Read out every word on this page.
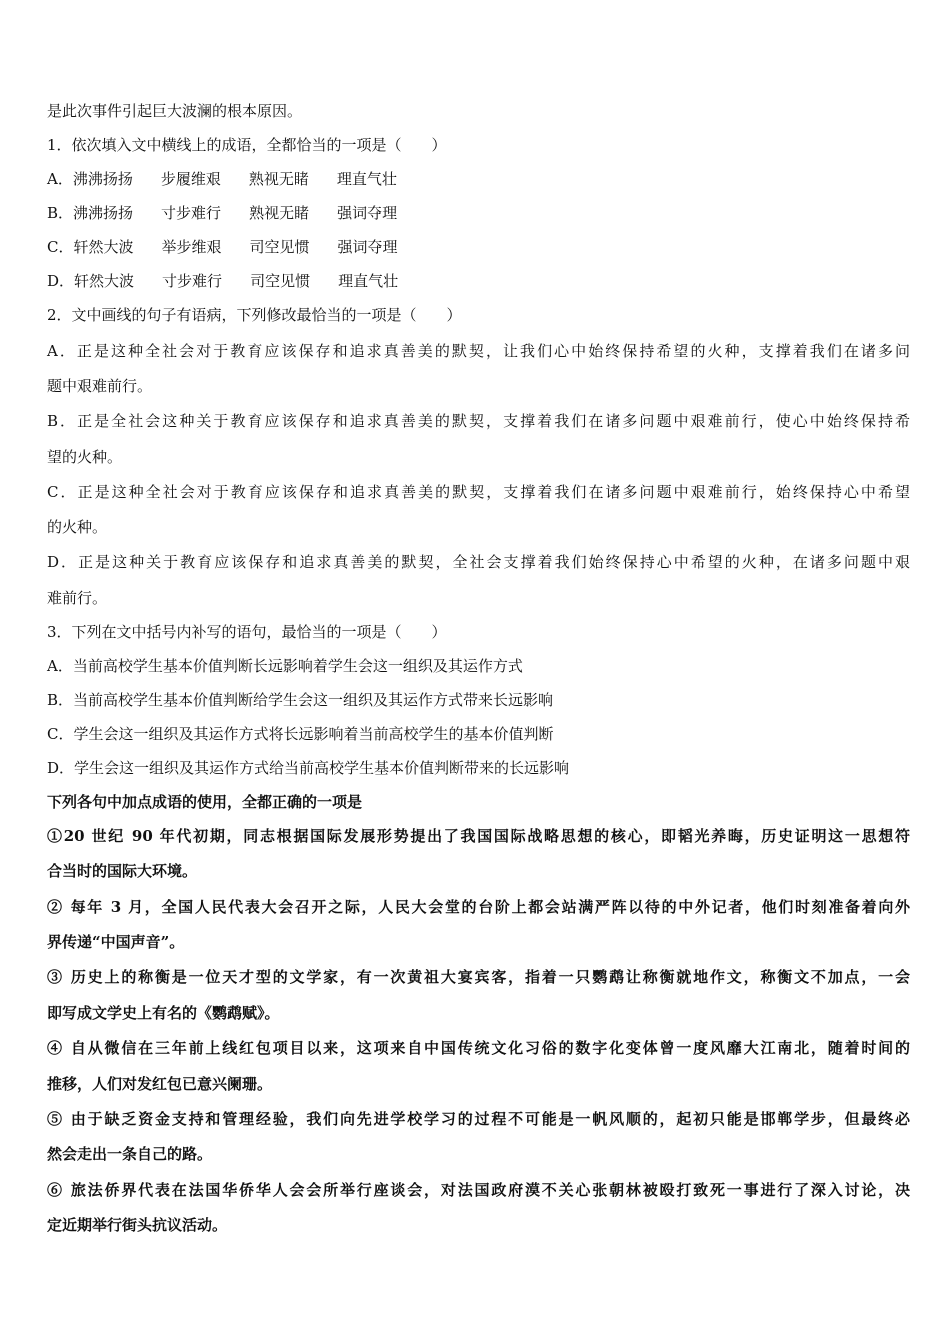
是此次事件引起巨大波澜的根本原因。
1．依次填入文中横线上的成语，全都恰当的一项是（　　）
A．沸沸扬扬 步履维艰 熟视无睹 理直气壮
B．沸沸扬扬 寸步难行 熟视无睹 强词夺理
C．轩然大波 举步维艰 司空见惯 强词夺理
D．轩然大波 寸步难行 司空见惯 理直气壮
2．文中画线的句子有语病，下列修改最恰当的一项是（　　）
A．正是这种全社会对于教育应该保存和追求真善美的默契，让我们心中始终保持希望的火种，支撑着我们在诸多问
题中艰难前行。
B．正是全社会这种关于教育应该保存和追求真善美的默契，支撑着我们在诸多问题中艰难前行，使心中始终保持希
望的火种。
C．正是这种全社会对于教育应该保存和追求真善美的默契，支撑着我们在诸多问题中艰难前行，始终保持心中希望
的火种。
D．正是这种关于教育应该保存和追求真善美的默契，全社会支撑着我们始终保持心中希望的火种，在诸多问题中艰
难前行。
3．下列在文中括号内补写的语句，最恰当的一项是（　　）
A．当前高校学生基本价值判断长远影响着学生会这一组织及其运作方式
B．当前高校学生基本价值判断给学生会这一组织及其运作方式带来长远影响
C．学生会这一组织及其运作方式将长远影响着当前高校学生的基本价值判断
D．学生会这一组织及其运作方式给当前高校学生基本价值判断带来的长远影响
下列各句中加点成语的使用，全都正确的一项是
①20 世纪 90 年代初期，同志根据国际发展形势提出了我国国际战略思想的核心，即韬光养晦，历史证明这一思想符
合当时的国际大环境。
② 每年 3 月，全国人民代表大会召开之际，人民大会堂的台阶上都会站满严阵以待的中外记者，他们时刻准备着向外
界传递“中国声音”。
③ 历史上的称衡是一位天才型的文学家，有一次黄祖大宴宾客，指着一只鹦鹉让称衡就地作文，称衡文不加点，一会
即写成文学史上有名的《鹦鹉赋》。
④ 自从微信在三年前上线红包项目以来，这项来自中国传统文化习俗的数字化变体曾一度风靡大江南北，随着时间的
推移，人们对发红包已意兴阑珊。
⑤ 由于缺乏资金支持和管理经验，我们向先进学校学习的过程不可能是一帆风顺的，起初只能是邯郸学步，但最终必
然会走出一条自己的路。
⑥ 旅法侨界代表在法国华侨华人会会所举行座谈会，对法国政府漠不关心张朝林被殴打致死一事进行了深入讨论，决
定近期举行街头抗议活动。
